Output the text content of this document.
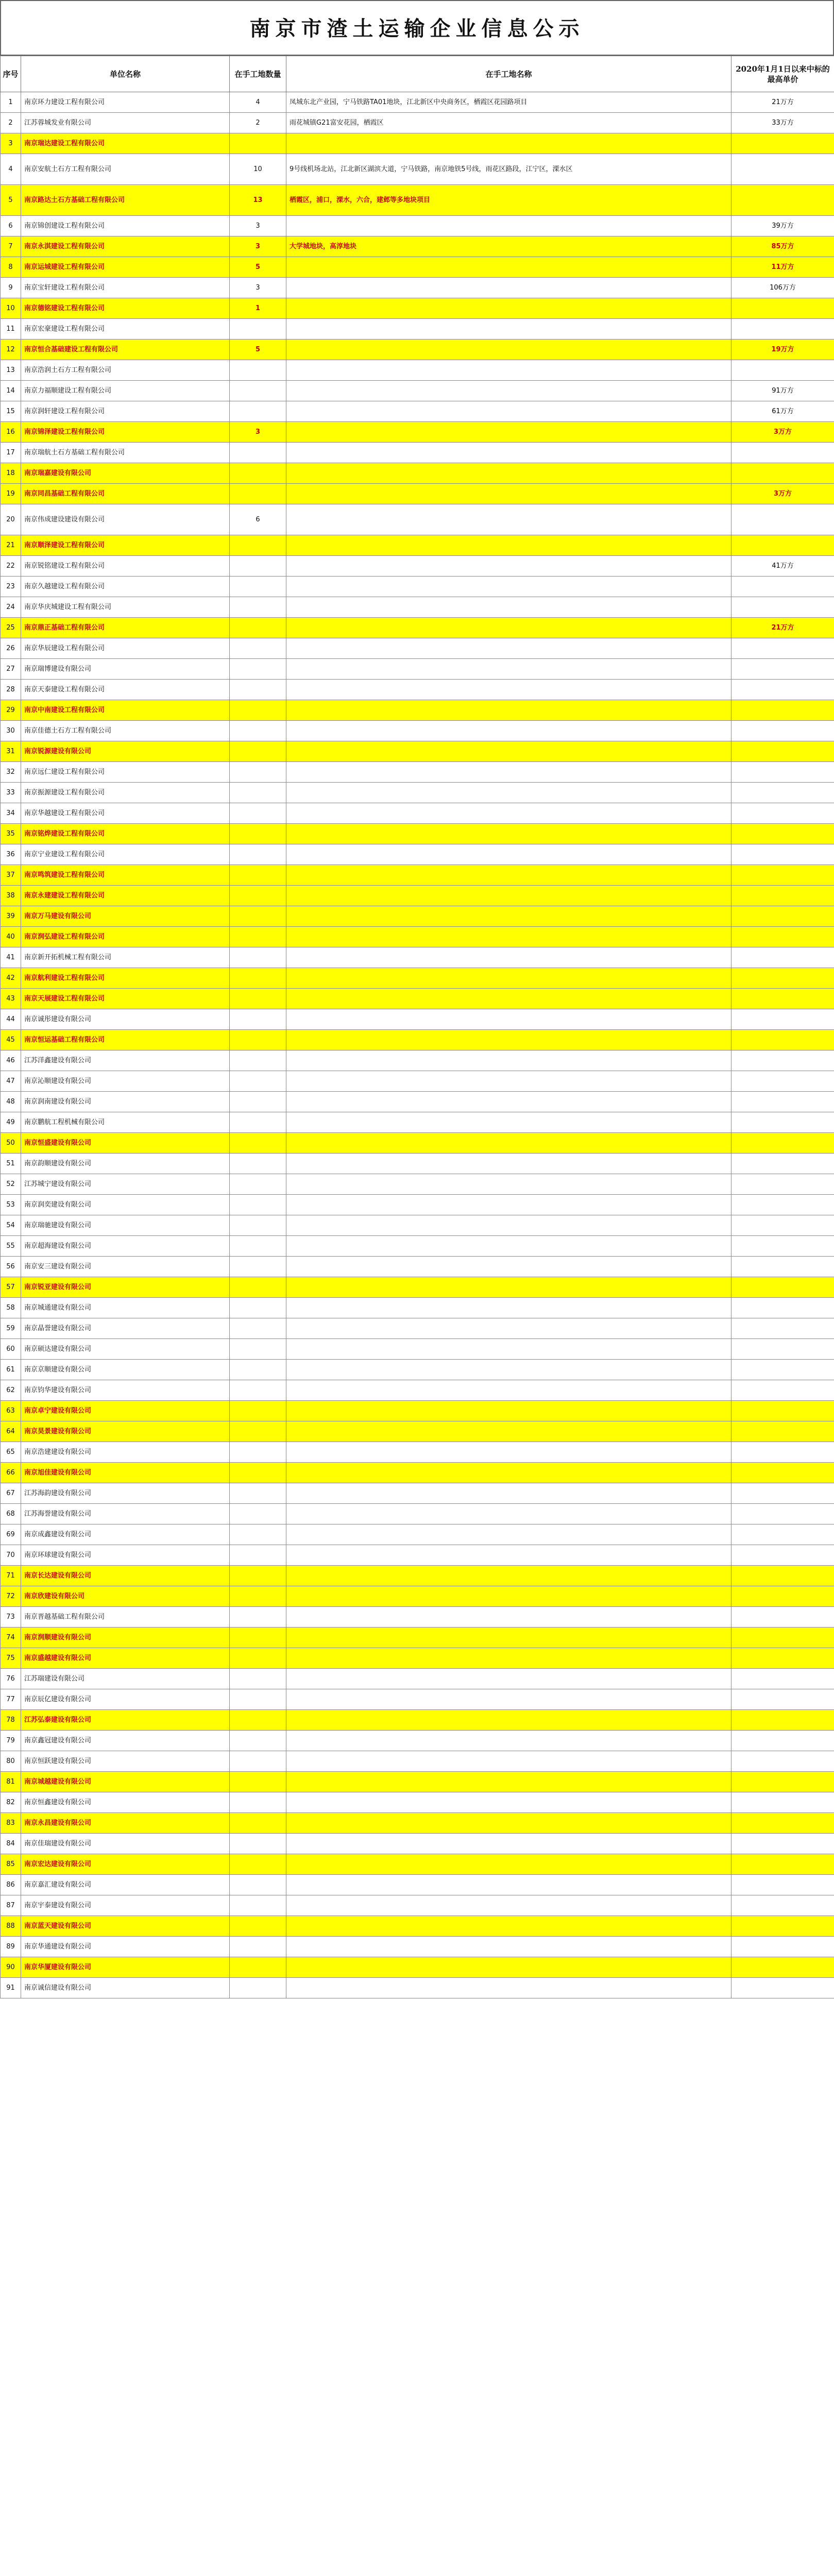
南京市渣土运输企业信息公示
序号	单位名称	在手工地数量	在手工地名称	2020年1月1日以来中标的最高单价
1	南京环力建设工程有限公司	4	凤城东北产业园，宁马铁路TA01地块，江北新区中央商务区，栖霞区花园路项目	21万方
2	江苏蓉城发业有限公司	2	雨花城镇G21富安花园，栖霞区	33万方
3	南京瑞达建设工程有限公司			
4	南京安航土石方工程有限公司	10	9号线机场北站，江北新区湖滨大道，宁马铁路，南京地铁5号线，雨花区路段，江宁区，溧水区	
5	南京路达土石方基础工程有限公司	13	栖霞区，浦口，溧水，六合，建邺等多地块项目	
6	南京锦创建设工程有限公司	3		39万方
7	南京永淇建设工程有限公司	3	大学城地块，高淳地块	85万方
8	南京运城建设工程有限公司	5		11万方
9	南京宝轩建设工程有限公司	3		106万方
10	南京德铭建设工程有限公司	1		
11	南京宏豪建设工程有限公司			
12	南京恒合基础建设工程有限公司	5		19万方
13	南京浩润土石方工程有限公司			
14	南京力福顺建设工程有限公司			91万方
15	南京润轩建设工程有限公司			61万方
16	南京锦泽建设工程有限公司	3		3万方
17	南京瑞航土石方基础工程有限公司			
18	南京瑞嘉建设有限公司			
19	南京同昌基础工程有限公司			3万方
20	南京伟成建设建设有限公司	6		
21	南京顺泽建设工程有限公司			
22	南京锐铭建设工程有限公司			41万方
23	南京久越建设工程有限公司			
24	南京华庆城建设工程有限公司			
25	南京鼎正基础工程有限公司			21万方
26	南京华辰建设工程有限公司			
27	南京瑞博建设有限公司			
28	南京天泰建设工程有限公司			
29	南京中南建设工程有限公司			
30	南京佳德土石方工程有限公司			
31	南京锐源建设有限公司			
32	南京远仁建设工程有限公司			
33	南京振源建设工程有限公司			
34	南京华越建设工程有限公司			
35	南京铭烨建设工程有限公司			
36	南京宁业建设工程有限公司			
37	南京鸣筑建设工程有限公司			
38	南京永建建设工程有限公司			
39	南京万马建设有限公司			
40	南京润弘建设工程有限公司			
41	南京新开拓机械工程有限公司			
42	南京航利建设工程有限公司			
43	南京天展建设工程有限公司			
44	南京诚彤建设有限公司			
45	南京恒运基础工程有限公司			
46	江苏洋鑫建设有限公司			
47	南京沁顺建设有限公司			
48	南京润南建设有限公司			
49	南京鹏航工程机械有限公司			
50	南京恒盛建设有限公司			
51	南京韵顺建设有限公司			
52	江苏城宁建设有限公司			
53	南京润奕建设有限公司			
54	南京瑞驰建设有限公司			
55	南京超海建设有限公司			
56	南京安三建设有限公司			
57	南京锐亚建设有限公司			
58	南京城通建设有限公司			
59	南京晶誉建设有限公司			
60	南京硕达建设有限公司			
61	南京京顺建设有限公司			
62	南京钧华建设有限公司			
63	南京卓宁建设有限公司			
64	南京昊景建设有限公司			
65	南京浩建建设有限公司			
66	南京旭佳建设有限公司			
67	江苏海韵建设有限公司			
68	江苏海誉建设有限公司			
69	南京成鑫建设有限公司			
70	南京环球建设有限公司			
71	南京长达建设有限公司			
72	南京欣建设有限公司			
73	南京晋越基础工程有限公司			
74	南京润顺建设有限公司			
75	南京盛越建设有限公司			
76	江苏瑞建设有限公司			
77	南京辰亿建设有限公司			
78	江苏弘泰建设有限公司			
79	南京鑫冠建设有限公司			
80	南京恒跃建设有限公司			
81	南京城越建设有限公司			
82	南京恒鑫建设有限公司			
83	南京永昌建设有限公司			
84	南京佳瑞建设有限公司			
85	南京宏达建设有限公司			
86	南京嘉汇建设有限公司			
87	南京宇泰建设有限公司			
88	南京蓝天建设有限公司			
89	南京华通建设有限公司			
90	南京华厦建设有限公司			
91	南京诚信建设有限公司			
